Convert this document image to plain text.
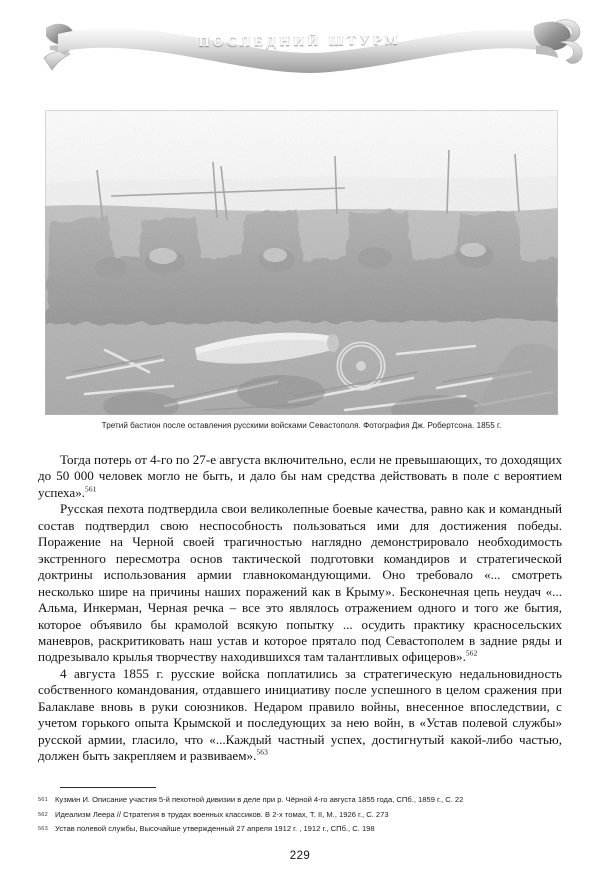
ПОСЛЕДНИЙ ШТУРМ
Третий бастион после оставления русскими войсками Севастополя. Фотография Дж. Робертсона. 1855 г.

Тогда потерь от 4-го по 27-е августа включительно, если не превышающих, то доходящих до 50 000 человек могло не быть, и дало бы нам средства действовать в поле с вероятием успеха».$^{561}$

Русская пехота подтвердила свои великолепные боевые качества, равно как и командный состав подтвердил свою неспособность пользоваться ими для достижения победы. Поражение на Черной своей трагичностью наглядно демонстрировало необходимость экстренного пересмотра основ тактической подготовки командиров и стратегической доктрины использования армии главнокомандующими. Оно требовало «... смотреть несколько шире на причины наших поражений как в Крыму». Бесконечная цепь неудач «... Альма, Инкерман, Черная речка – все это являлось отражением одного и того же бытия, которое объявило бы крамолой всякую попытку ... осудить практику красносельских маневров, раскритиковать наш устав и которое прятало под Севастополем в задние ряды и подрезывало крылья творчеству находившихся там талантливых офицеров».$^{562}$

4 августа 1855 г. русские войска поплатились за стратегическую недальновидность собственного командования, отдавшего инициативу после успешного в целом сражения при Балаклаве вновь в руки союзников. Недаром правило войны, внесенное впоследствии, с учетом горького опыта Крымской и последующих за нею войн, в «Устав полевой службы» русской армии, гласило, что «...Каждый частный успех, достигнутый какой-либо частью, должен быть закрепляем и развиваем».$^{563}$

561 Кузмин И. Описание участия 5-й пехотной дивизии в деле при р. Чёрной 4-го августа 1855 года, СПб., 1859 г., С. 22
562 Идеализм Леера // Стратегия в трудах военных классиков. В 2-х томах, Т. II, М., 1926 г., С. 273
563 Устав полевой службы, Высочайше утвержденный 27 апреля 1912 г. , 1912 г., СПб., С. 198
229
